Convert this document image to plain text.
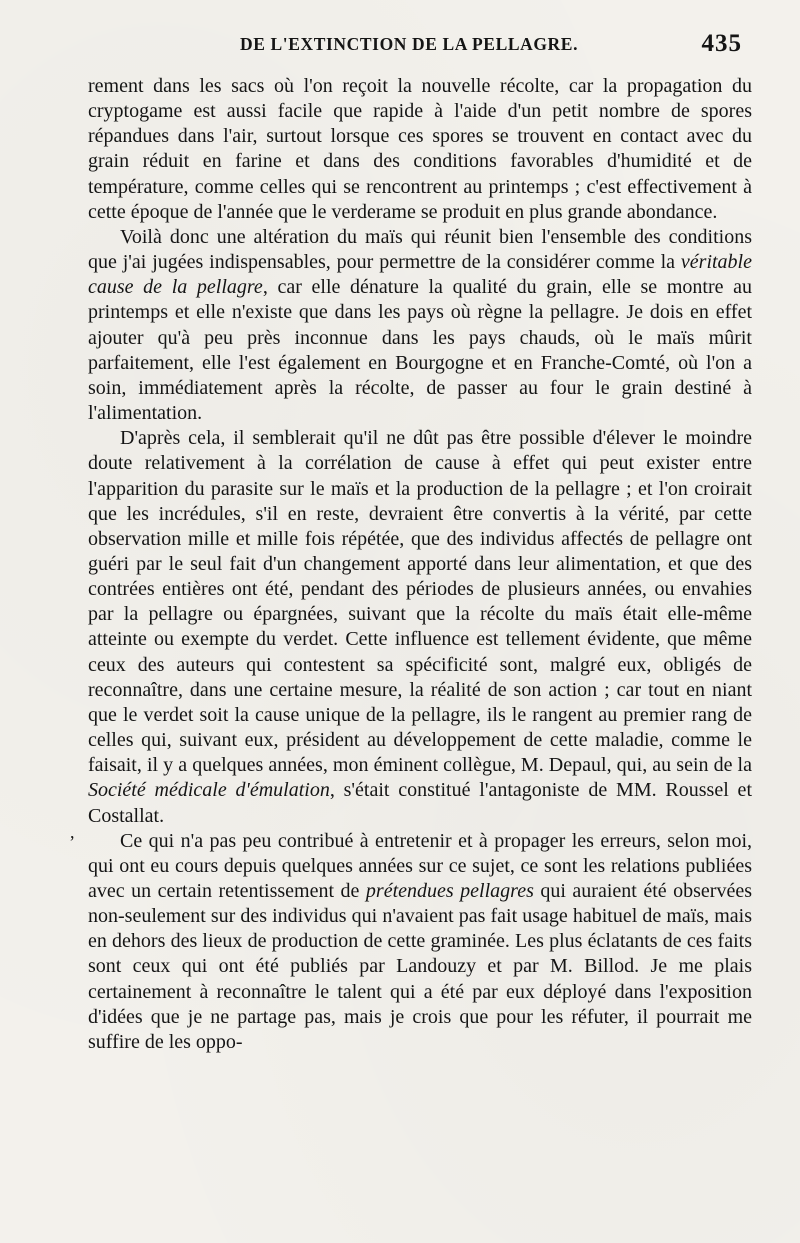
DE L'EXTINCTION DE LA PELLAGRE.	435
,

rement dans les sacs où l'on reçoit la nouvelle récolte, car la propagation du cryptogame est aussi facile que rapide à l'aide d'un petit nombre de spores répandues dans l'air, surtout lorsque ces spores se trouvent en contact avec du grain réduit en farine et dans des conditions favorables d'humidité et de température, comme celles qui se rencontrent au printemps ; c'est effectivement à cette époque de l'année que le verderame se produit en plus grande abondance.

Voilà donc une altération du maïs qui réunit bien l'ensemble des conditions que j'ai jugées indispensables, pour permettre de la considérer comme la véritable cause de la pellagre, car elle dénature la qualité du grain, elle se montre au printemps et elle n'existe que dans les pays où règne la pellagre. Je dois en effet ajouter qu'à peu près inconnue dans les pays chauds, où le maïs mûrit parfaitement, elle l'est également en Bourgogne et en Franche-Comté, où l'on a soin, immédiatement après la récolte, de passer au four le grain destiné à l'alimentation.

D'après cela, il semblerait qu'il ne dût pas être possible d'élever le moindre doute relativement à la corrélation de cause à effet qui peut exister entre l'apparition du parasite sur le maïs et la production de la pellagre ; et l'on croirait que les incrédules, s'il en reste, devraient être convertis à la vérité, par cette observation mille et mille fois répétée, que des individus affectés de pellagre ont guéri par le seul fait d'un changement apporté dans leur alimentation, et que des contrées entières ont été, pendant des périodes de plusieurs années, ou envahies par la pellagre ou épargnées, suivant que la récolte du maïs était elle-même atteinte ou exempte du verdet. Cette influence est tellement évidente, que même ceux des auteurs qui contestent sa spécificité sont, malgré eux, obligés de reconnaître, dans une certaine mesure, la réalité de son action ; car tout en niant que le verdet soit la cause unique de la pellagre, ils le rangent au premier rang de celles qui, suivant eux, président au développement de cette maladie, comme le faisait, il y a quelques années, mon éminent collègue, M. Depaul, qui, au sein de la Société médicale d'émulation, s'était constitué l'antagoniste de MM. Roussel et Costallat.

Ce qui n'a pas peu contribué à entretenir et à propager les erreurs, selon moi, qui ont eu cours depuis quelques années sur ce sujet, ce sont les relations publiées avec un certain retentissement de prétendues pellagres qui auraient été observées non-seulement sur des individus qui n'avaient pas fait usage habituel de maïs, mais en dehors des lieux de production de cette graminée. Les plus éclatants de ces faits sont ceux qui ont été publiés par Landouzy et par M. Billod. Je me plais certainement à reconnaître le talent qui a été par eux déployé dans l'exposition d'idées que je ne partage pas, mais je crois que pour les réfuter, il pourrait me suffire de les oppo-
